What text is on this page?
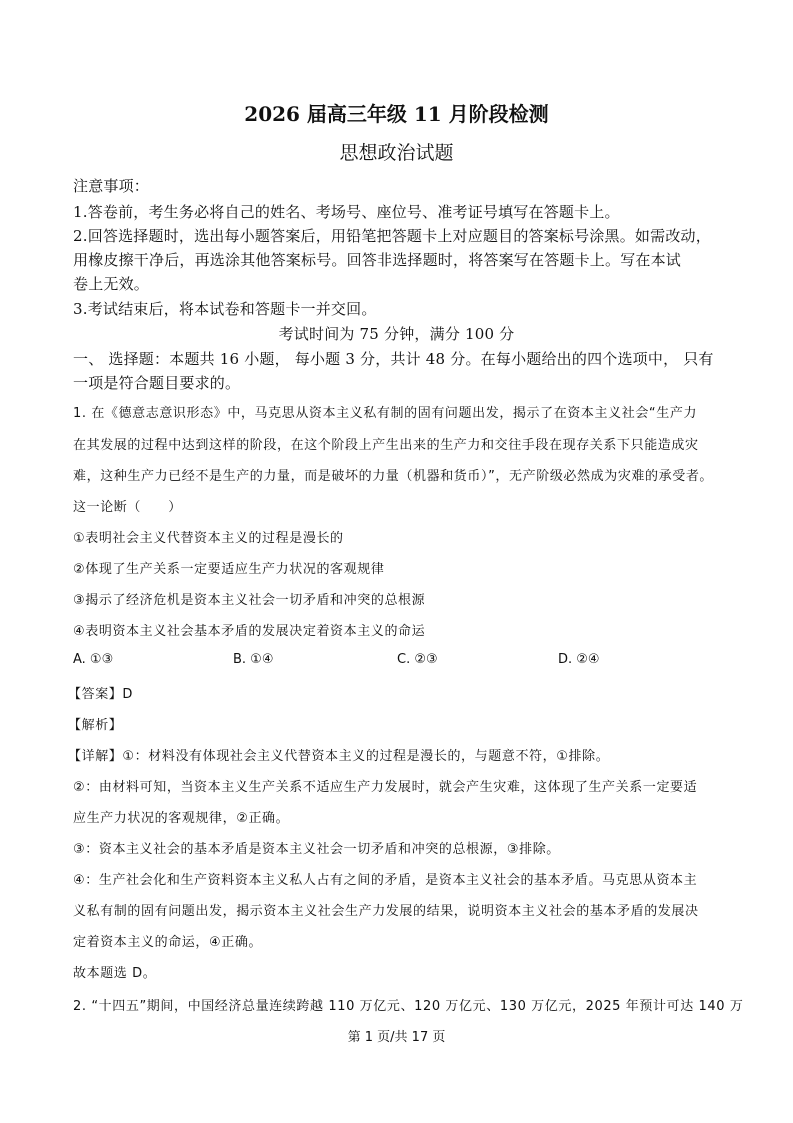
2026 届高三年级 11 月阶段检测
思想政治试题
注意事项：
1.答卷前，考生务必将自己的姓名、考场号、座位号、准考证号填写在答题卡上。
2.回答选择题时，选出每小题答案后，用铅笔把答题卡上对应题目的答案标号涂黑。如需改动，
用橡皮擦干净后，再选涂其他答案标号。回答非选择题时，将答案写在答题卡上。写在本试
卷上无效。
3.考试结束后，将本试卷和答题卡一并交回。
考试时间为 75 分钟，满分 100 分
一、 选择题：本题共 16 小题， 每小题 3 分，共计 48 分。在每小题给出的四个选项中， 只有
一项是符合题目要求的。
1. 在《德意志意识形态》中，马克思从资本主义私有制的固有问题出发，揭示了在资本主义社会“生产力
在其发展的过程中达到这样的阶段，在这个阶段上产生出来的生产力和交往手段在现存关系下只能造成灾
难，这种生产力已经不是生产的力量，而是破坏的力量（机器和货币）”，无产阶级必然成为灾难的承受者。
这一论断（　　）
①表明社会主义代替资本主义的过程是漫长的
②体现了生产关系一定要适应生产力状况的客观规律
③揭示了经济危机是资本主义社会一切矛盾和冲突的总根源
④表明资本主义社会基本矛盾的发展决定着资本主义的命运
A. ①③	B. ①④	C. ②③	D. ②④
【答案】D
【解析】
【详解】①：材料没有体现社会主义代替资本主义的过程是漫长的，与题意不符，①排除。
②：由材料可知，当资本主义生产关系不适应生产力发展时，就会产生灾难，这体现了生产关系一定要适
应生产力状况的客观规律，②正确。
③：资本主义社会的基本矛盾是资本主义社会一切矛盾和冲突的总根源，③排除。
④：生产社会化和生产资料资本主义私人占有之间的矛盾，是资本主义社会的基本矛盾。马克思从资本主
义私有制的固有问题出发，揭示资本主义社会生产力发展的结果，说明资本主义社会的基本矛盾的发展决
定着资本主义的命运，④正确。
故本题选 D。
2. “十四五”期间，中国经济总量连续跨越 110 万亿元、120 万亿元、130 万亿元，2025 年预计可达 140 万
第 1 页/共 17 页
